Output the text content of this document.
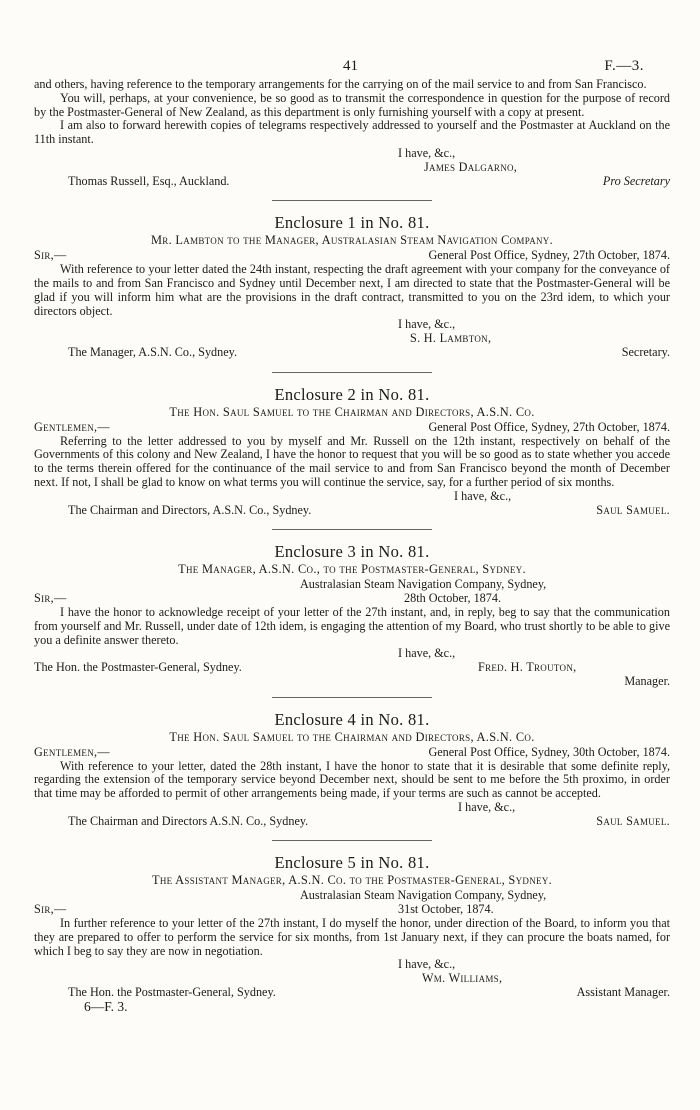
41	F.—3.

and others, having reference to the temporary arrangements for the carrying on of the mail service to and from San Francisco.

You will, perhaps, at your convenience, be so good as to transmit the correspondence in question for the purpose of record by the Postmaster-General of New Zealand, as this department is only furnishing yourself with a copy at present.

I am also to forward herewith copies of telegrams respectively addressed to yourself and the Postmaster at Auckland on the 11th instant.

I have, &c.,
James Dalgarno,
Thomas Russell, Esq., Auckland.	Pro Secretary
Enclosure 1 in No. 81.
Mr. Lambton to the Manager, Australasian Steam Navigation Company.
Sir,—	General Post Office, Sydney, 27th October, 1874.

With reference to your letter dated the 24th instant, respecting the draft agreement with your company for the conveyance of the mails to and from San Francisco and Sydney until December next, I am directed to state that the Postmaster-General will be glad if you will inform him what are the provisions in the draft contract, transmitted to you on the 23rd idem, to which your directors object.

I have, &c.,
S. H. Lambton,
The Manager, A.S.N. Co., Sydney.	Secretary.
Enclosure 2 in No. 81.
The Hon. Saul Samuel to the Chairman and Directors, A.S.N. Co.
Gentlemen,—	General Post Office, Sydney, 27th October, 1874.

Referring to the letter addressed to you by myself and Mr. Russell on the 12th instant, respectively on behalf of the Governments of this colony and New Zealand, I have the honor to request that you will be so good as to state whether you accede to the terms therein offered for the continuance of the mail service to and from San Francisco beyond the month of December next. If not, I shall be glad to know on what terms you will continue the service, say, for a further period of six months.

I have, &c.,
The Chairman and Directors, A.S.N. Co., Sydney.	Saul Samuel.
Enclosure 3 in No. 81.
The Manager, A.S.N. Co., to the Postmaster-General, Sydney.
Australasian Steam Navigation Company, Sydney,
Sir,—	28th October, 1874.

I have the honor to acknowledge receipt of your letter of the 27th instant, and, in reply, beg to say that the communication from yourself and Mr. Russell, under date of 12th idem, is engaging the attention of my Board, who trust shortly to be able to give you a definite answer thereto.

I have, &c.,
The Hon. the Postmaster-General, Sydney.	Fred. H. Trouton,
Manager.
Enclosure 4 in No. 81.
The Hon. Saul Samuel to the Chairman and Directors, A.S.N. Co.
Gentlemen,—	General Post Office, Sydney, 30th October, 1874.

With reference to your letter, dated the 28th instant, I have the honor to state that it is desirable that some definite reply, regarding the extension of the temporary service beyond December next, should be sent to me before the 5th proximo, in order that time may be afforded to permit of other arrangements being made, if your terms are such as cannot be accepted.

I have, &c.,
The Chairman and Directors A.S.N. Co., Sydney.	Saul Samuel.
Enclosure 5 in No. 81.
The Assistant Manager, A.S.N. Co. to the Postmaster-General, Sydney.
Australasian Steam Navigation Company, Sydney,
Sir,—	31st October, 1874.

In further reference to your letter of the 27th instant, I do myself the honor, under direction of the Board, to inform you that they are prepared to offer to perform the service for six months, from 1st January next, if they can procure the boats named, for which I beg to say they are now in negotiation.

I have, &c.,
Wm. Williams,
The Hon. the Postmaster-General, Sydney.	Assistant Manager.
6—F. 3.
